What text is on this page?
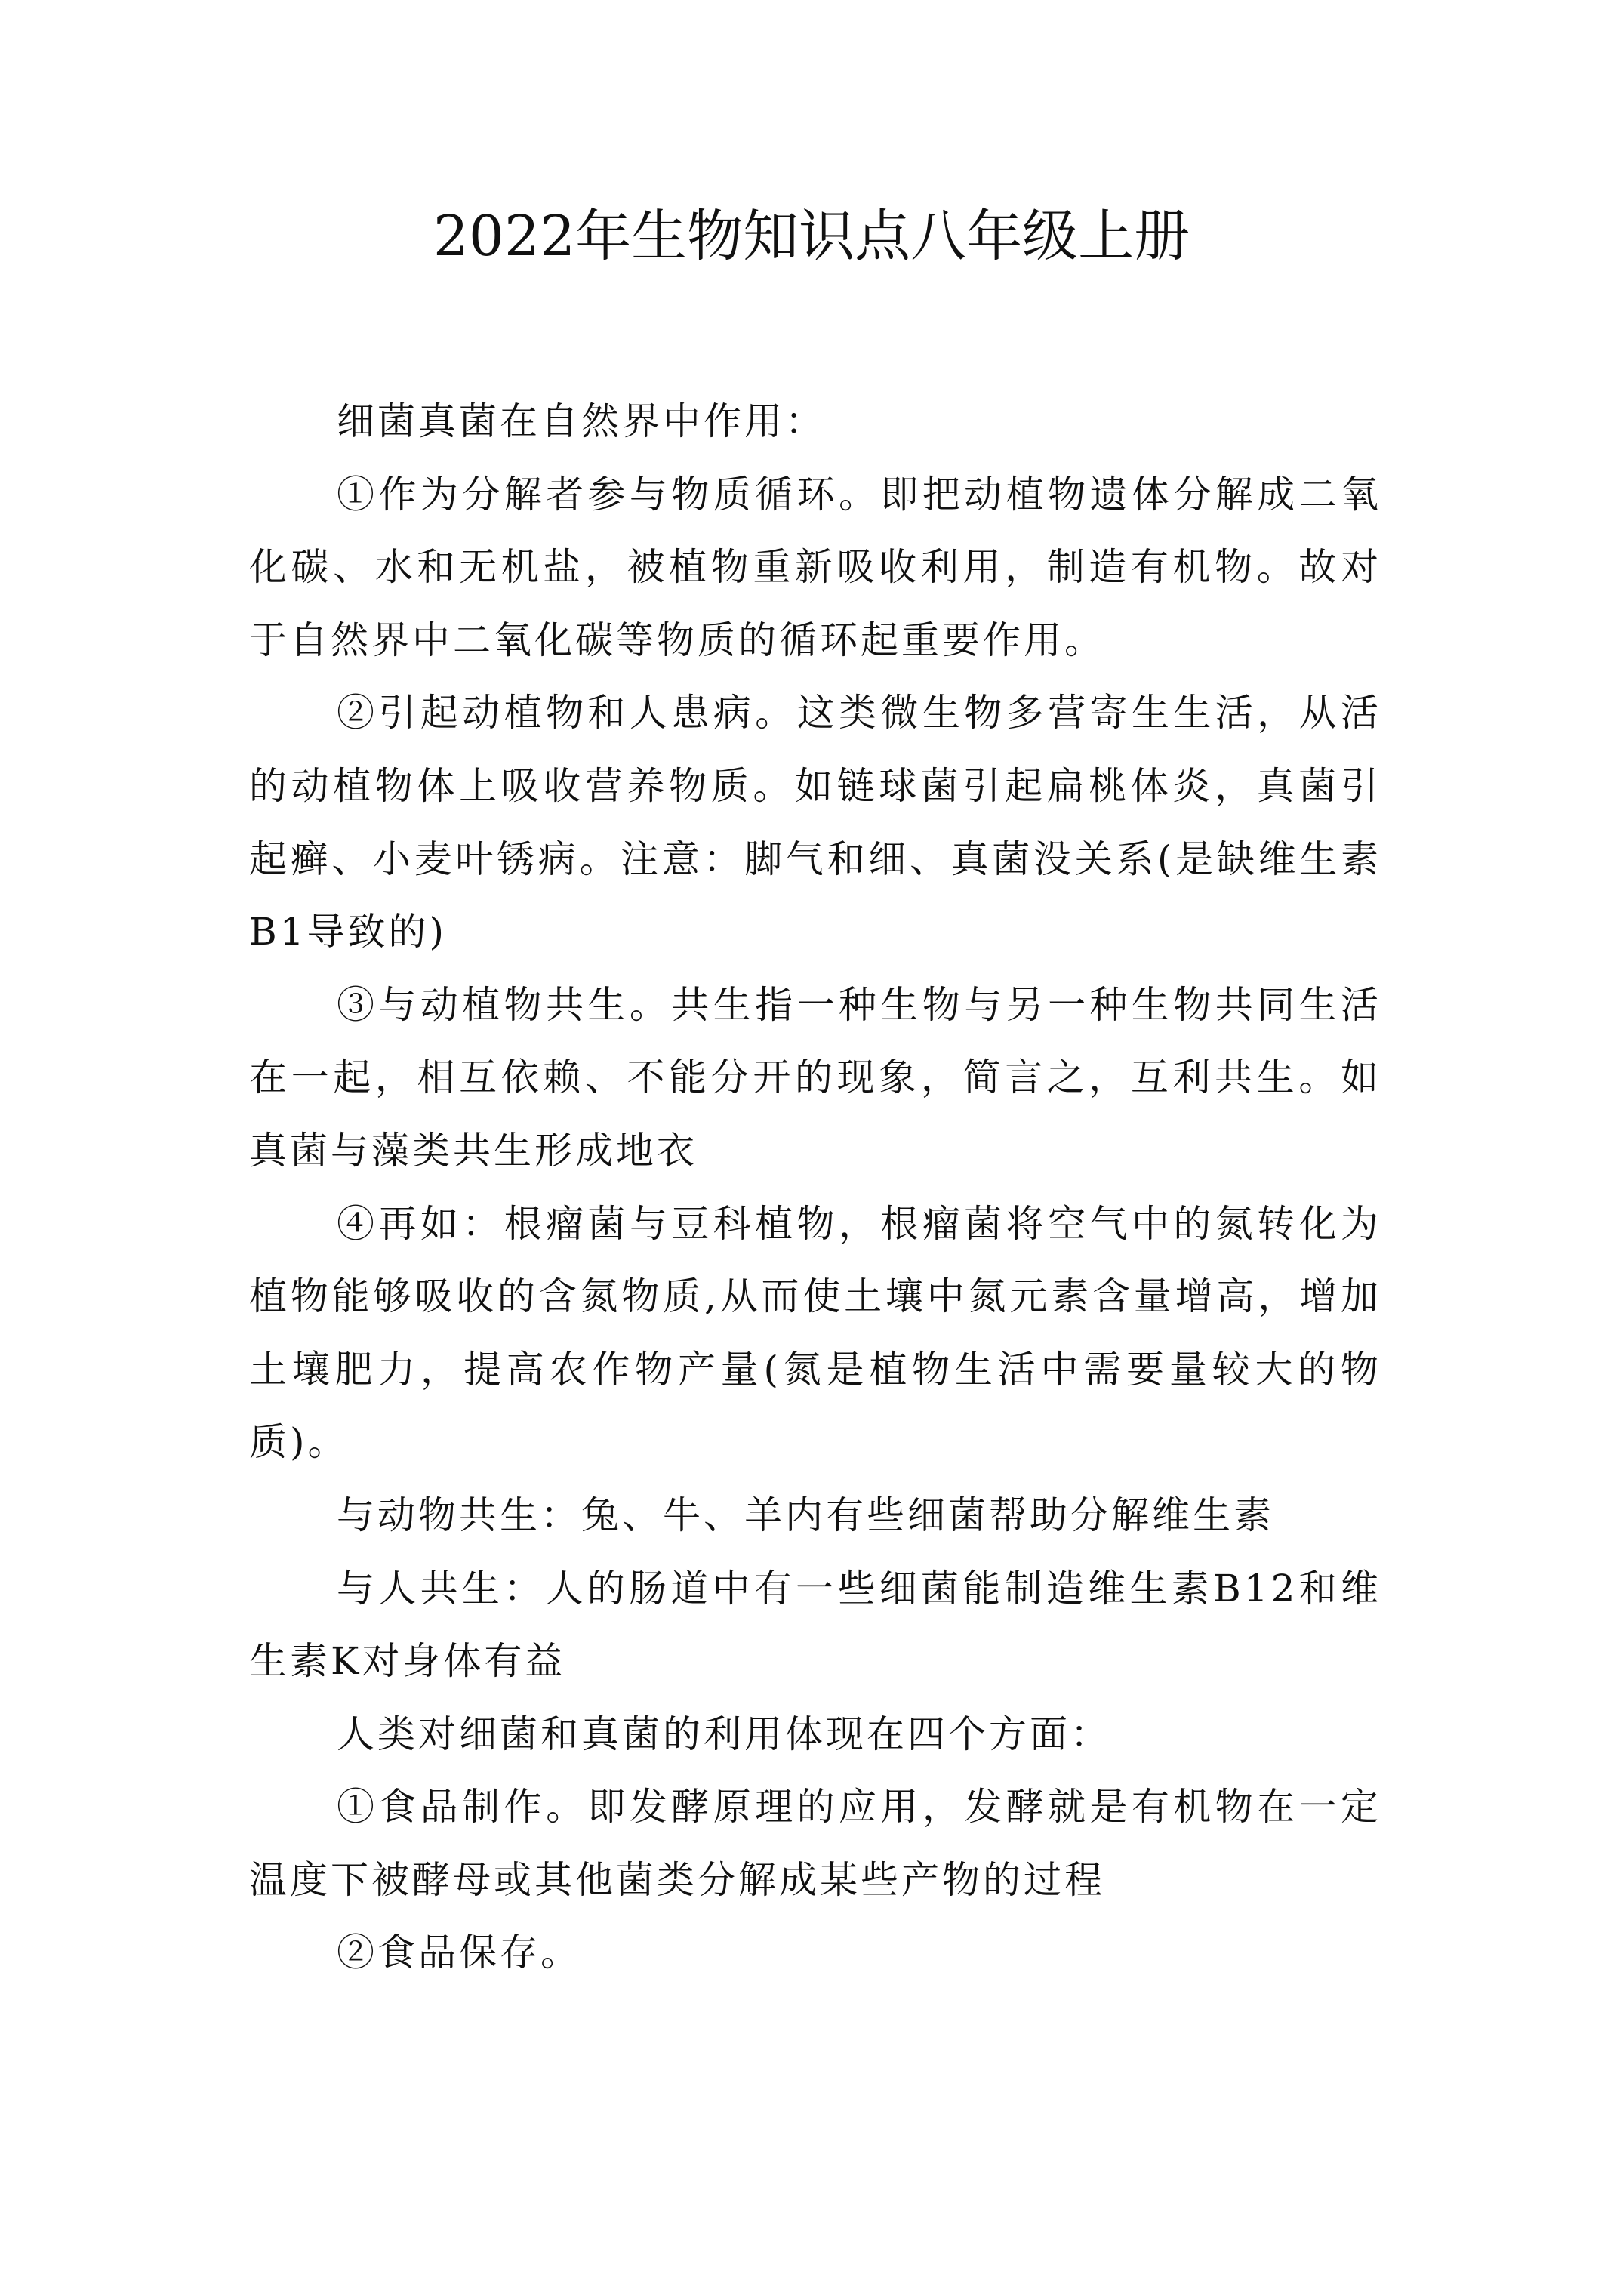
2022年生物知识点八年级上册

细菌真菌在自然界中作用：

①作为分解者参与物质循环。即把动植物遗体分解成二氧化碳、水和无机盐，被植物重新吸收利用，制造有机物。故对于自然界中二氧化碳等物质的循环起重要作用。

②引起动植物和人患病。这类微生物多营寄生生活，从活的动植物体上吸收营养物质。如链球菌引起扁桃体炎，真菌引起癣、小麦叶锈病。注意：脚气和细、真菌没关系(是缺维生素B1导致的)

③与动植物共生。共生指一种生物与另一种生物共同生活在一起，相互依赖、不能分开的现象，简言之，互利共生。如真菌与藻类共生形成地衣

④再如：根瘤菌与豆科植物，根瘤菌将空气中的氮转化为植物能够吸收的含氮物质,从而使土壤中氮元素含量增高，增加土壤肥力，提高农作物产量(氮是植物生活中需要量较大的物质)。

与动物共生：兔、牛、羊内有些细菌帮助分解维生素

与人共生：人的肠道中有一些细菌能制造维生素B12和维生素K对身体有益

人类对细菌和真菌的利用体现在四个方面：

①食品制作。即发酵原理的应用，发酵就是有机物在一定温度下被酵母或其他菌类分解成某些产物的过程

②食品保存。
